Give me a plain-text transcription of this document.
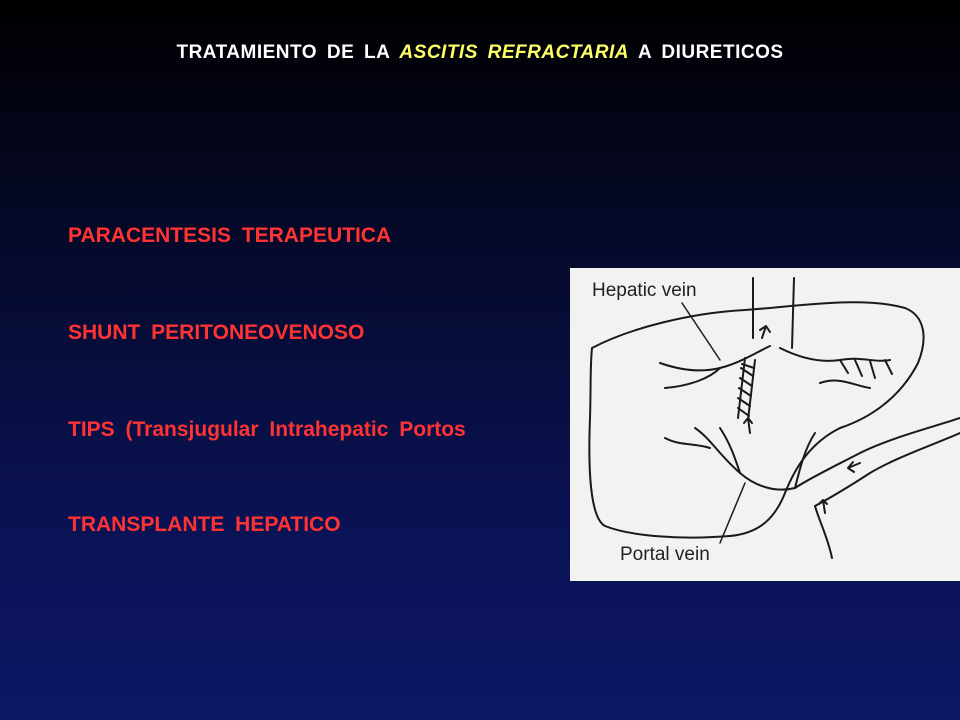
TRATAMIENTO DE LA ASCITIS REFRACTARIA A DIURETICOS
PARACENTESIS TERAPEUTICA
SHUNT PERITONEOVENOSO
TIPS (Transjugular Intrahepatic Portos
TRANSPLANTE HEPATICO
Hepatic vein
Portal vein
